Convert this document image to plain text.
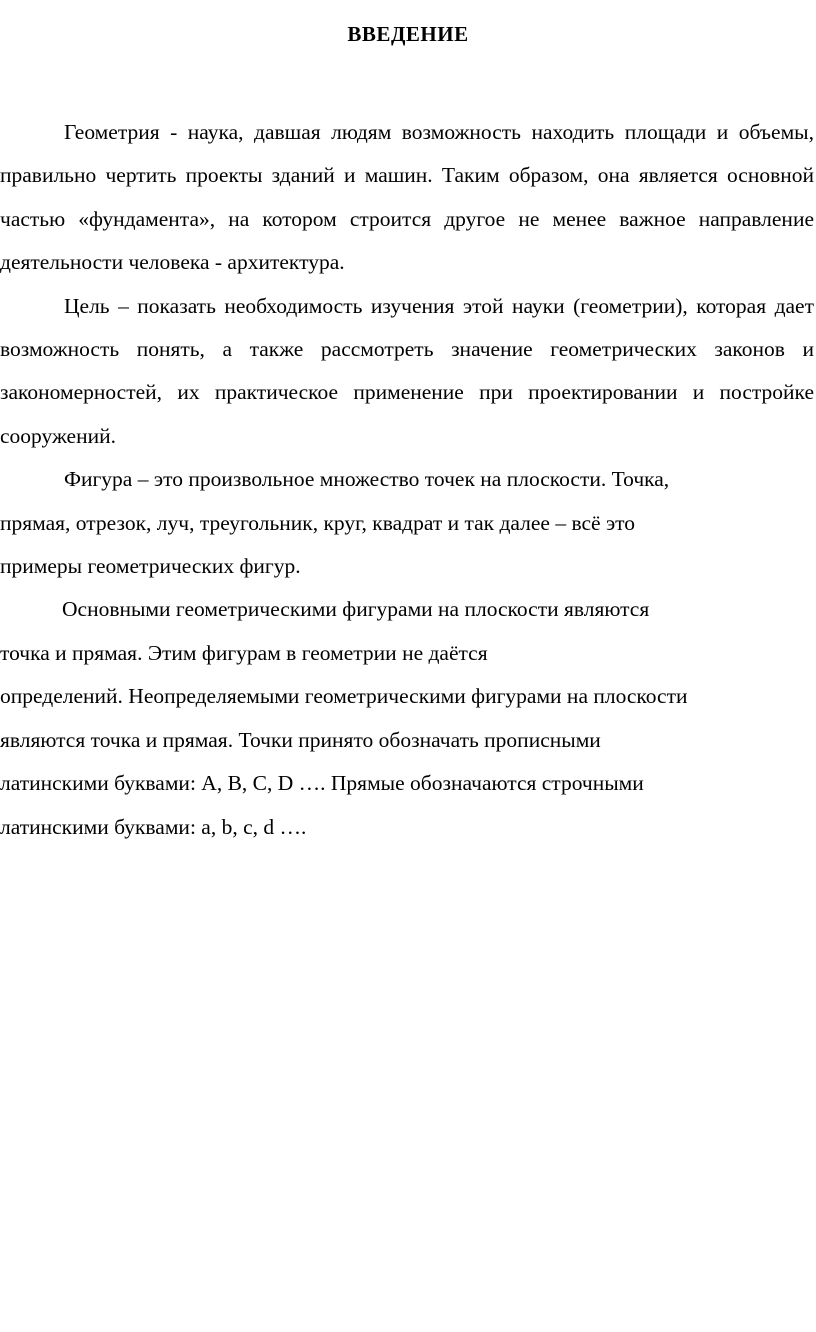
ВВЕДЕНИЕ

Геометрия - наука, давшая людям возможность находить площади и объемы, правильно чертить проекты зданий и машин. Таким образом, она является основной частью «фундамента», на котором строится другое не менее важное направление деятельности человека - архитектура.

Цель – показать необходимость изучения этой науки (геометрии), которая дает возможность понять, а также рассмотреть значение геометрических законов и закономерностей, их практическое применение при проектировании и постройке сооружений.

Фигура – это произвольное множество точек на плоскости. Точка,
прямая, отрезок, луч, треугольник, круг, квадрат и так далее – всё это
примеры геометрических фигур.
Основными геометрическими фигурами на плоскости являются
точка и прямая. Этим фигурам в геометрии не даётся
определений. Неопределяемыми геометрическими фигурами на плоскости
являются точка и прямая. Точки принято обозначать прописными
латинскими буквами: А, В, С, D …. Прямые обозначаются строчными
латинскими буквами: а, b, c, d ….
